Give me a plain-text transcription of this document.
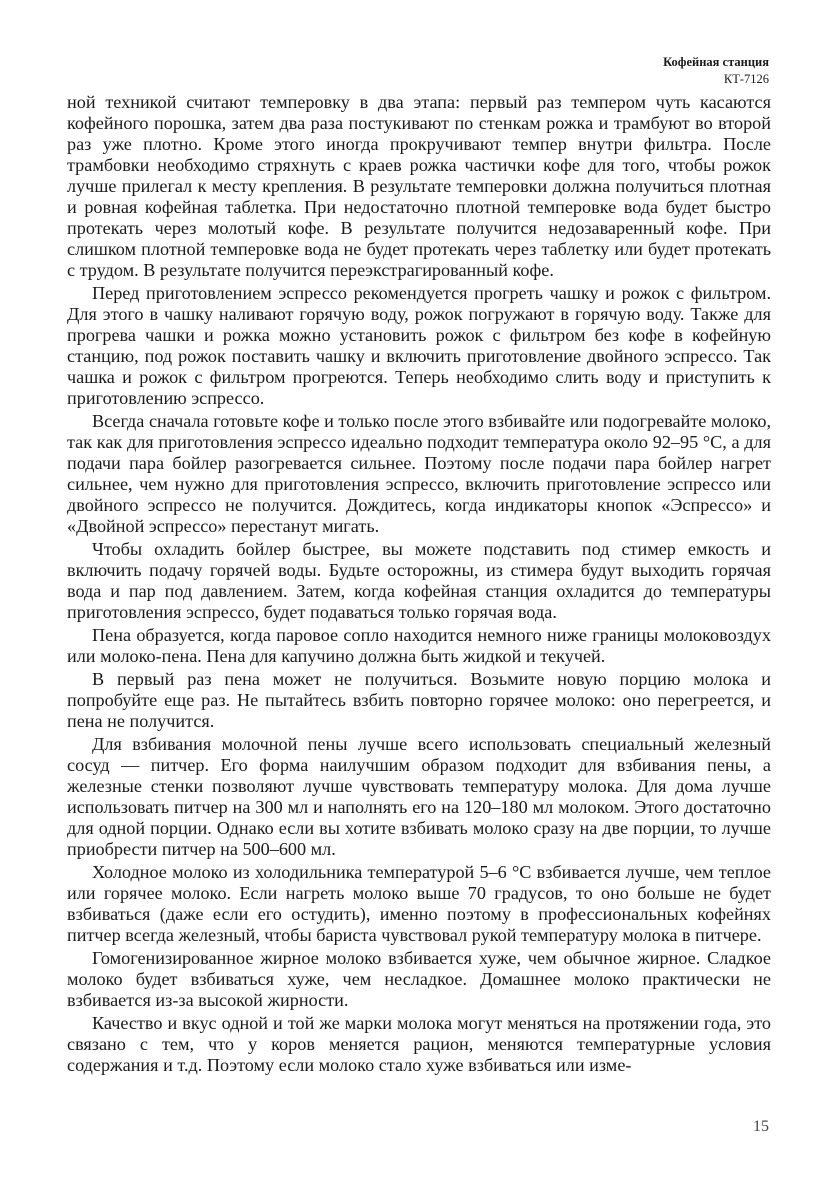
Кофейная станция
КТ-7126

ной техникой считают темперовку в два этапа: первый раз темпером чуть касаются кофейного порошка, затем два раза постукивают по стенкам рожка и трамбуют во второй раз уже плотно. Кроме этого иногда прокручивают темпер внутри фильтра. После трамбовки необходимо стряхнуть с краев рожка частички кофе для того, чтобы рожок лучше прилегал к месту крепления. В результате темперовки должна получиться плотная и ровная кофейная таблетка. При недостаточно плотной темперовке вода будет быстро протекать через молотый кофе. В результате получится недозаваренный кофе. При слишком плотной темперовке вода не будет протекать через таблетку или будет протекать с трудом. В результате получится переэкстрагированный кофе.

Перед приготовлением эспрессо рекомендуется прогреть чашку и рожок с фильтром. Для этого в чашку наливают горячую воду, рожок погружают в горячую воду. Также для прогрева чашки и рожка можно установить рожок с фильтром без кофе в кофейную станцию, под рожок поставить чашку и включить приготовление двойного эспрессо. Так чашка и рожок с фильтром прогреются. Теперь необходимо слить воду и приступить к приготовлению эспрессо.

Всегда сначала готовьте кофе и только после этого взбивайте или подогревайте молоко, так как для приготовления эспрессо идеально подходит температура около 92–95 °С, а для подачи пара бойлер разогревается сильнее. Поэтому после подачи пара бойлер нагрет сильнее, чем нужно для приготовления эспрессо, включить приготовление эспрессо или двойного эспрессо не получится. Дождитесь, когда индикаторы кнопок «Эспрессо» и «Двойной эспрессо» перестанут мигать.

Чтобы охладить бойлер быстрее, вы можете подставить под стимер емкость и включить подачу горячей воды. Будьте осторожны, из стимера будут выходить горячая вода и пар под давлением. Затем, когда кофейная станция охладится до температуры приготовления эспрессо, будет подаваться только горячая вода.

Пена образуется, когда паровое сопло находится немного ниже границы молоковоздух или молоко-пена. Пена для капучино должна быть жидкой и текучей.

В первый раз пена может не получиться. Возьмите новую порцию молока и попробуйте еще раз. Не пытайтесь взбить повторно горячее молоко: оно перегреется, и пена не получится.

Для взбивания молочной пены лучше всего использовать специальный железный сосуд — питчер. Его форма наилучшим образом подходит для взбивания пены, а железные стенки позволяют лучше чувствовать температуру молока. Для дома лучше использовать питчер на 300 мл и наполнять его на 120–180 мл молоком. Этого достаточно для одной порции. Однако если вы хотите взбивать молоко сразу на две порции, то лучше приобрести питчер на 500–600 мл.

Холодное молоко из холодильника температурой 5–6 °С взбивается лучше, чем теплое или горячее молоко. Если нагреть молоко выше 70 градусов, то оно больше не будет взбиваться (даже если его остудить), именно поэтому в профессиональных кофейнях питчер всегда железный, чтобы бариста чувствовал рукой температуру молока в питчере.

Гомогенизированное жирное молоко взбивается хуже, чем обычное жирное. Сладкое молоко будет взбиваться хуже, чем несладкое. Домашнее молоко практически не взбивается из-за высокой жирности.

Качество и вкус одной и той же марки молока могут меняться на протяжении года, это связано с тем, что у коров меняется рацион, меняются температурные условия содержания и т.д. Поэтому если молоко стало хуже взбиваться или изме-

15
